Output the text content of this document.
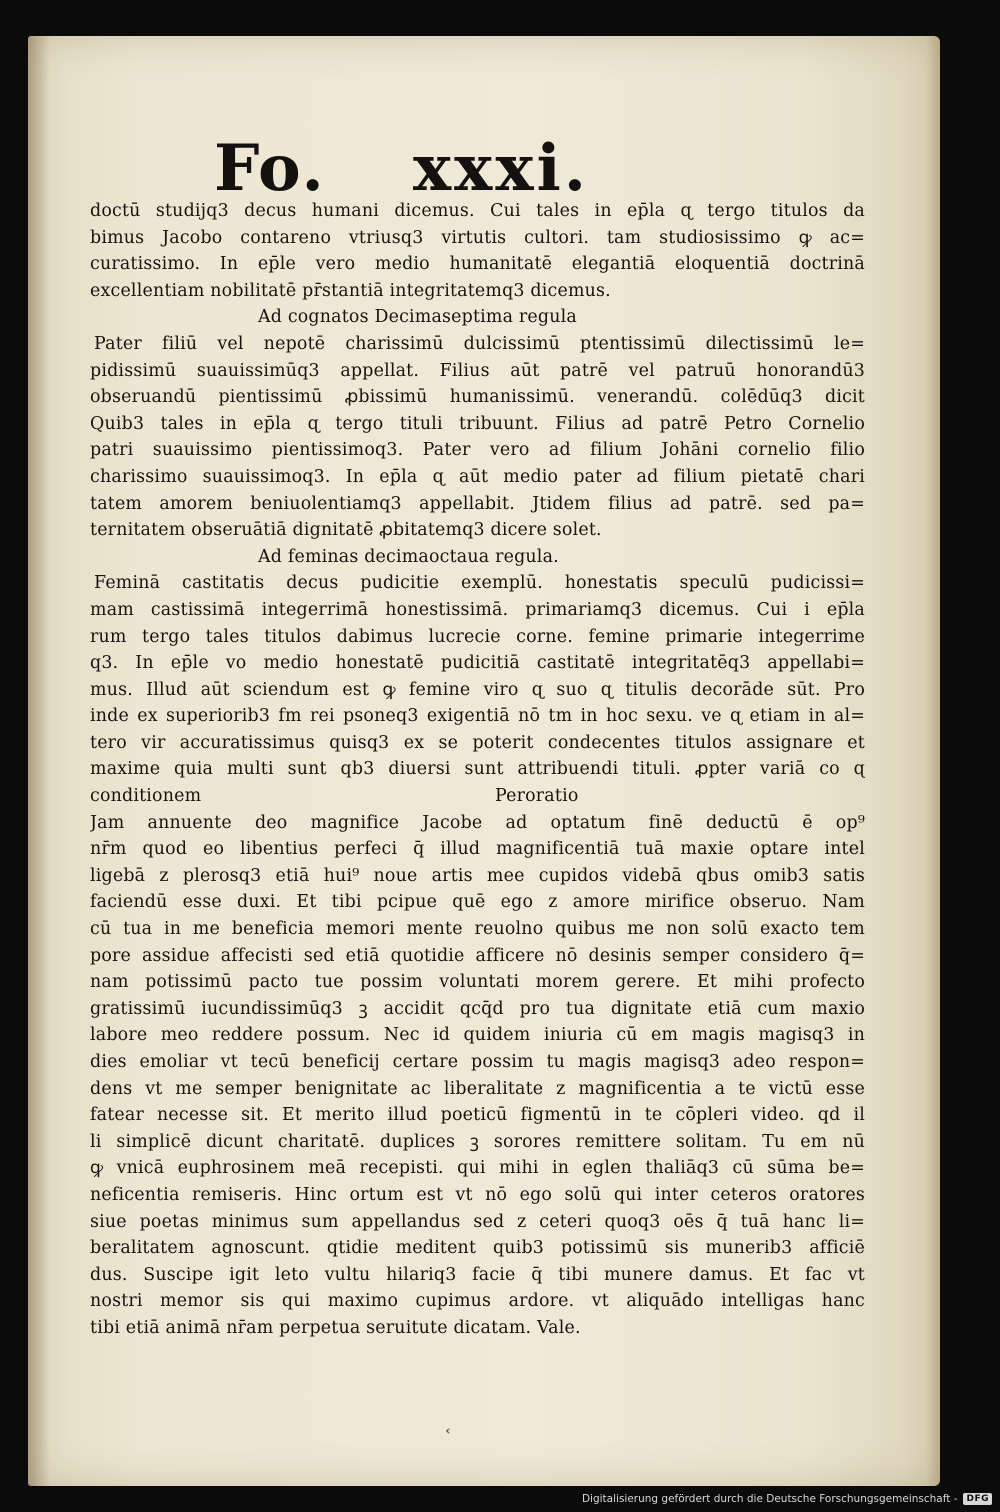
Fo. xxxi.
doctū studijq3 decus humani dicemus. Cui tales in ep̄la ɋ tergo titulos da
bimus Jacobo contareno vtriusq3 virtutis cultori. tam studiosissimo ꝙ ac=
curatissimo. In ep̄le vero medio humanitatē elegantiā eloquentiā doctrinā
excellentiam nobilitatē pr̄stantiā integritatemq3 dicemus.
Ad cognatos Decimaseptima regula
Pater filiū vel nepotē charissimū dulcissimū ptentissimū dilectissimū le=
pidissimū suauissimūq3 appellat. Filius aūt patrē vel patruū honorandū3
obseruandū pientissimū ꝓbissimū humanissimū. venerandū. colēdūq3 dicit
Quib3 tales in ep̄la ɋ tergo tituli tribuunt. Filius ad patrē Petro Cornelio
patri suauissimo pientissimoq3. Pater vero ad filium Johāni cornelio filio
charissimo suauissimoq3. In ep̄la ɋ aūt medio pater ad filium pietatē chari
tatem amorem beniuolentiamq3 appellabit. Jtidem filius ad patrē. sed pa=
ternitatem obseruātiā dignitatē ꝓbitatemq3 dicere solet.
Ad feminas decimaoctaua regula.
Feminā castitatis decus pudicitie exemplū. honestatis speculū pudicissi=
mam castissimā integerrimā honestissimā. primariamq3 dicemus. Cui i ep̄la
rum tergo tales titulos dabimus lucrecie corne. femine primarie integerrime
q3. In ep̄le vo medio honestatē pudicitiā castitatē integritatēq3 appellabi=
mus. Illud aūt sciendum est ꝙ femine viro ɋ suo ɋ titulis decorāde sūt. Pro
inde ex superiorib3 fm rei psoneq3 exigentiā nō tm in hoc sexu. ve ɋ etiam in al=
tero vir accuratissimus quisq3 ex se poterit condecentes titulos assignare et
maxime quia multi sunt qb3 diuersi sunt attribuendi tituli. ꝓpter variā co ɋ
conditionem	Peroratio
Jam annuente deo magnifice Jacobe ad optatum finē deductū ē op⁹
nr̄m quod eo libentius perfeci q̄ illud magnificentiā tuā maxie optare intel
ligebā z plerosq3 etiā hui⁹ noue artis mee cupidos videbā qbus omib3 satis
faciendū esse duxi. Et tibi pcipue quē ego z amore mirifice obseruo. Nam
cū tua in me beneficia memori mente reuolno quibus me non solū exacto tem
pore assidue affecisti sed etiā quotidie afficere nō desinis semper considero q̄=
nam potissimū pacto tue possim voluntati morem gerere. Et mihi profecto
gratissimū iucundissimūq3 ꝫ accidit qcq̄d pro tua dignitate etiā cum maxio
labore meo reddere possum. Nec id quidem iniuria cū em magis magisq3 in
dies emoliar vt tecū beneficij certare possim tu magis magisq3 adeo respon=
dens vt me semper benignitate ac liberalitate z magnificentia a te victū esse
fatear necesse sit. Et merito illud poeticū figmentū in te cōpleri video. qd il
li simplicē dicunt charitatē. duplices ꝫ sorores remittere solitam. Tu em nū
ꝙ vnicā euphrosinem meā recepisti. qui mihi in eglen thaliāq3 cū sūma be=
neficentia remiseris. Hinc ortum est vt nō ego solū qui inter ceteros oratores
siue poetas minimus sum appellandus sed z ceteri quoq3 oēs q̄ tuā hanc li=
beralitatem agnoscunt. qtidie meditent quib3 potissimū sis munerib3 afficiē
dus. Suscipe igit leto vultu hilariq3 facie q̄ tibi munere damus. Et fac vt
nostri memor sis qui maximo cupimus ardore. vt aliquādo intelligas hanc
tibi etiā animā nr̄am perpetua seruitute dicatam. Vale.
Digitalisierung gefördert durch die Deutsche Forschungsgemeinschaft -	DFG
